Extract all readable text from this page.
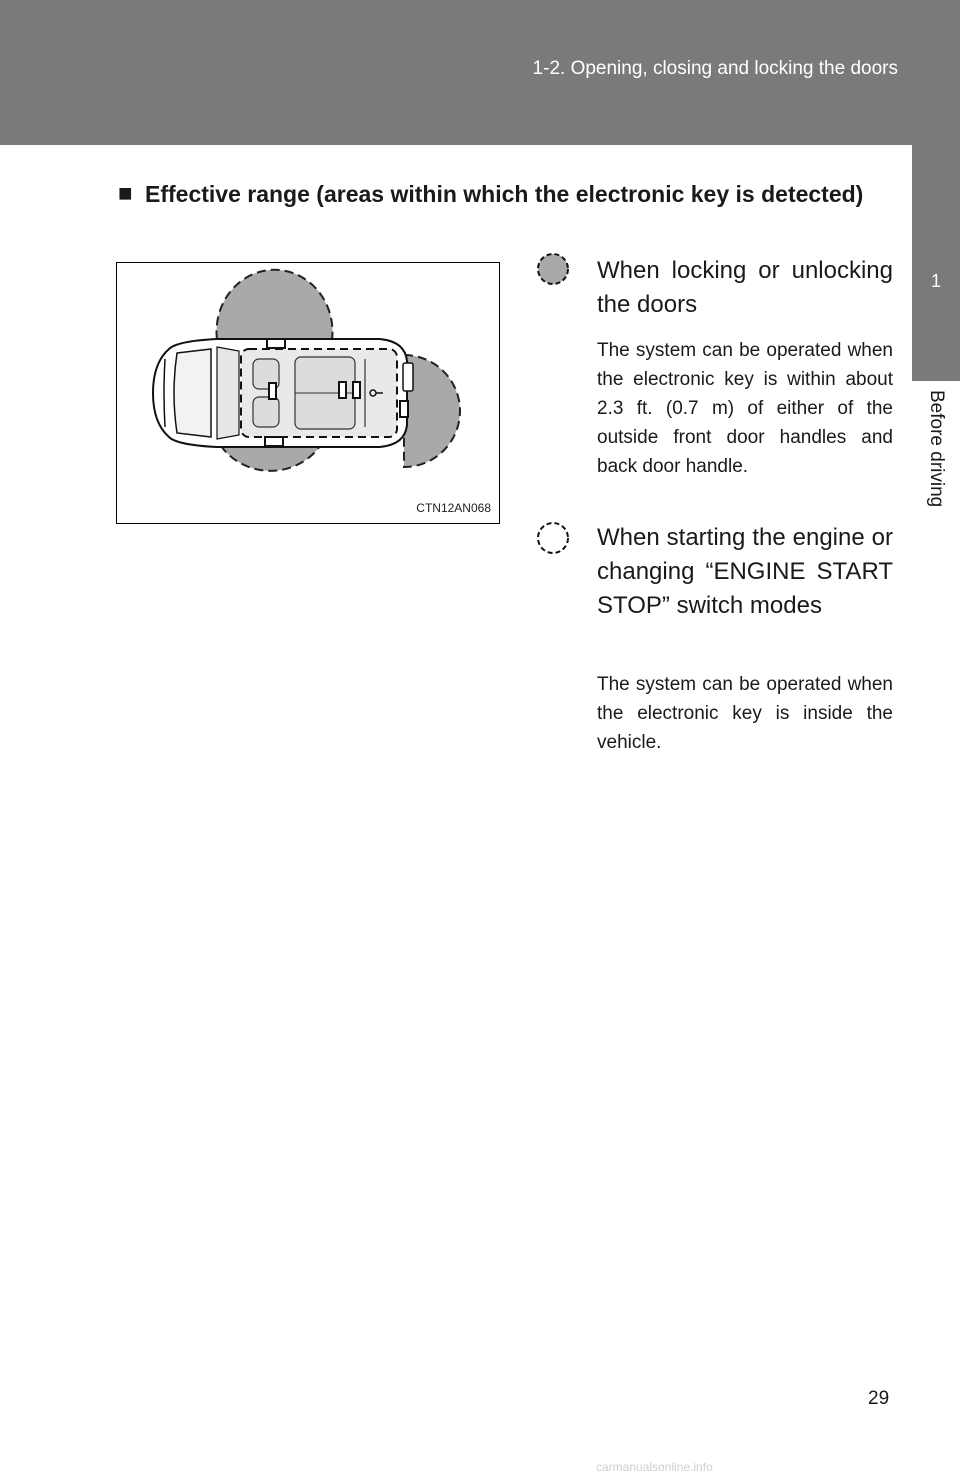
1-2. Opening, closing and locking the doors
1
Before driving
■ Effective range (areas within which the electronic key is detected)
CTN12AN068
When locking or unlocking the doors
The system can be operated when the electronic key is within about 2.3 ft. (0.7 m) of either of the outside front door handles and back door handle.
When starting the engine or changing “ENGINE START STOP” switch modes
The system can be operated when the electronic key is inside the vehicle.
29
carmanualsonline.info
